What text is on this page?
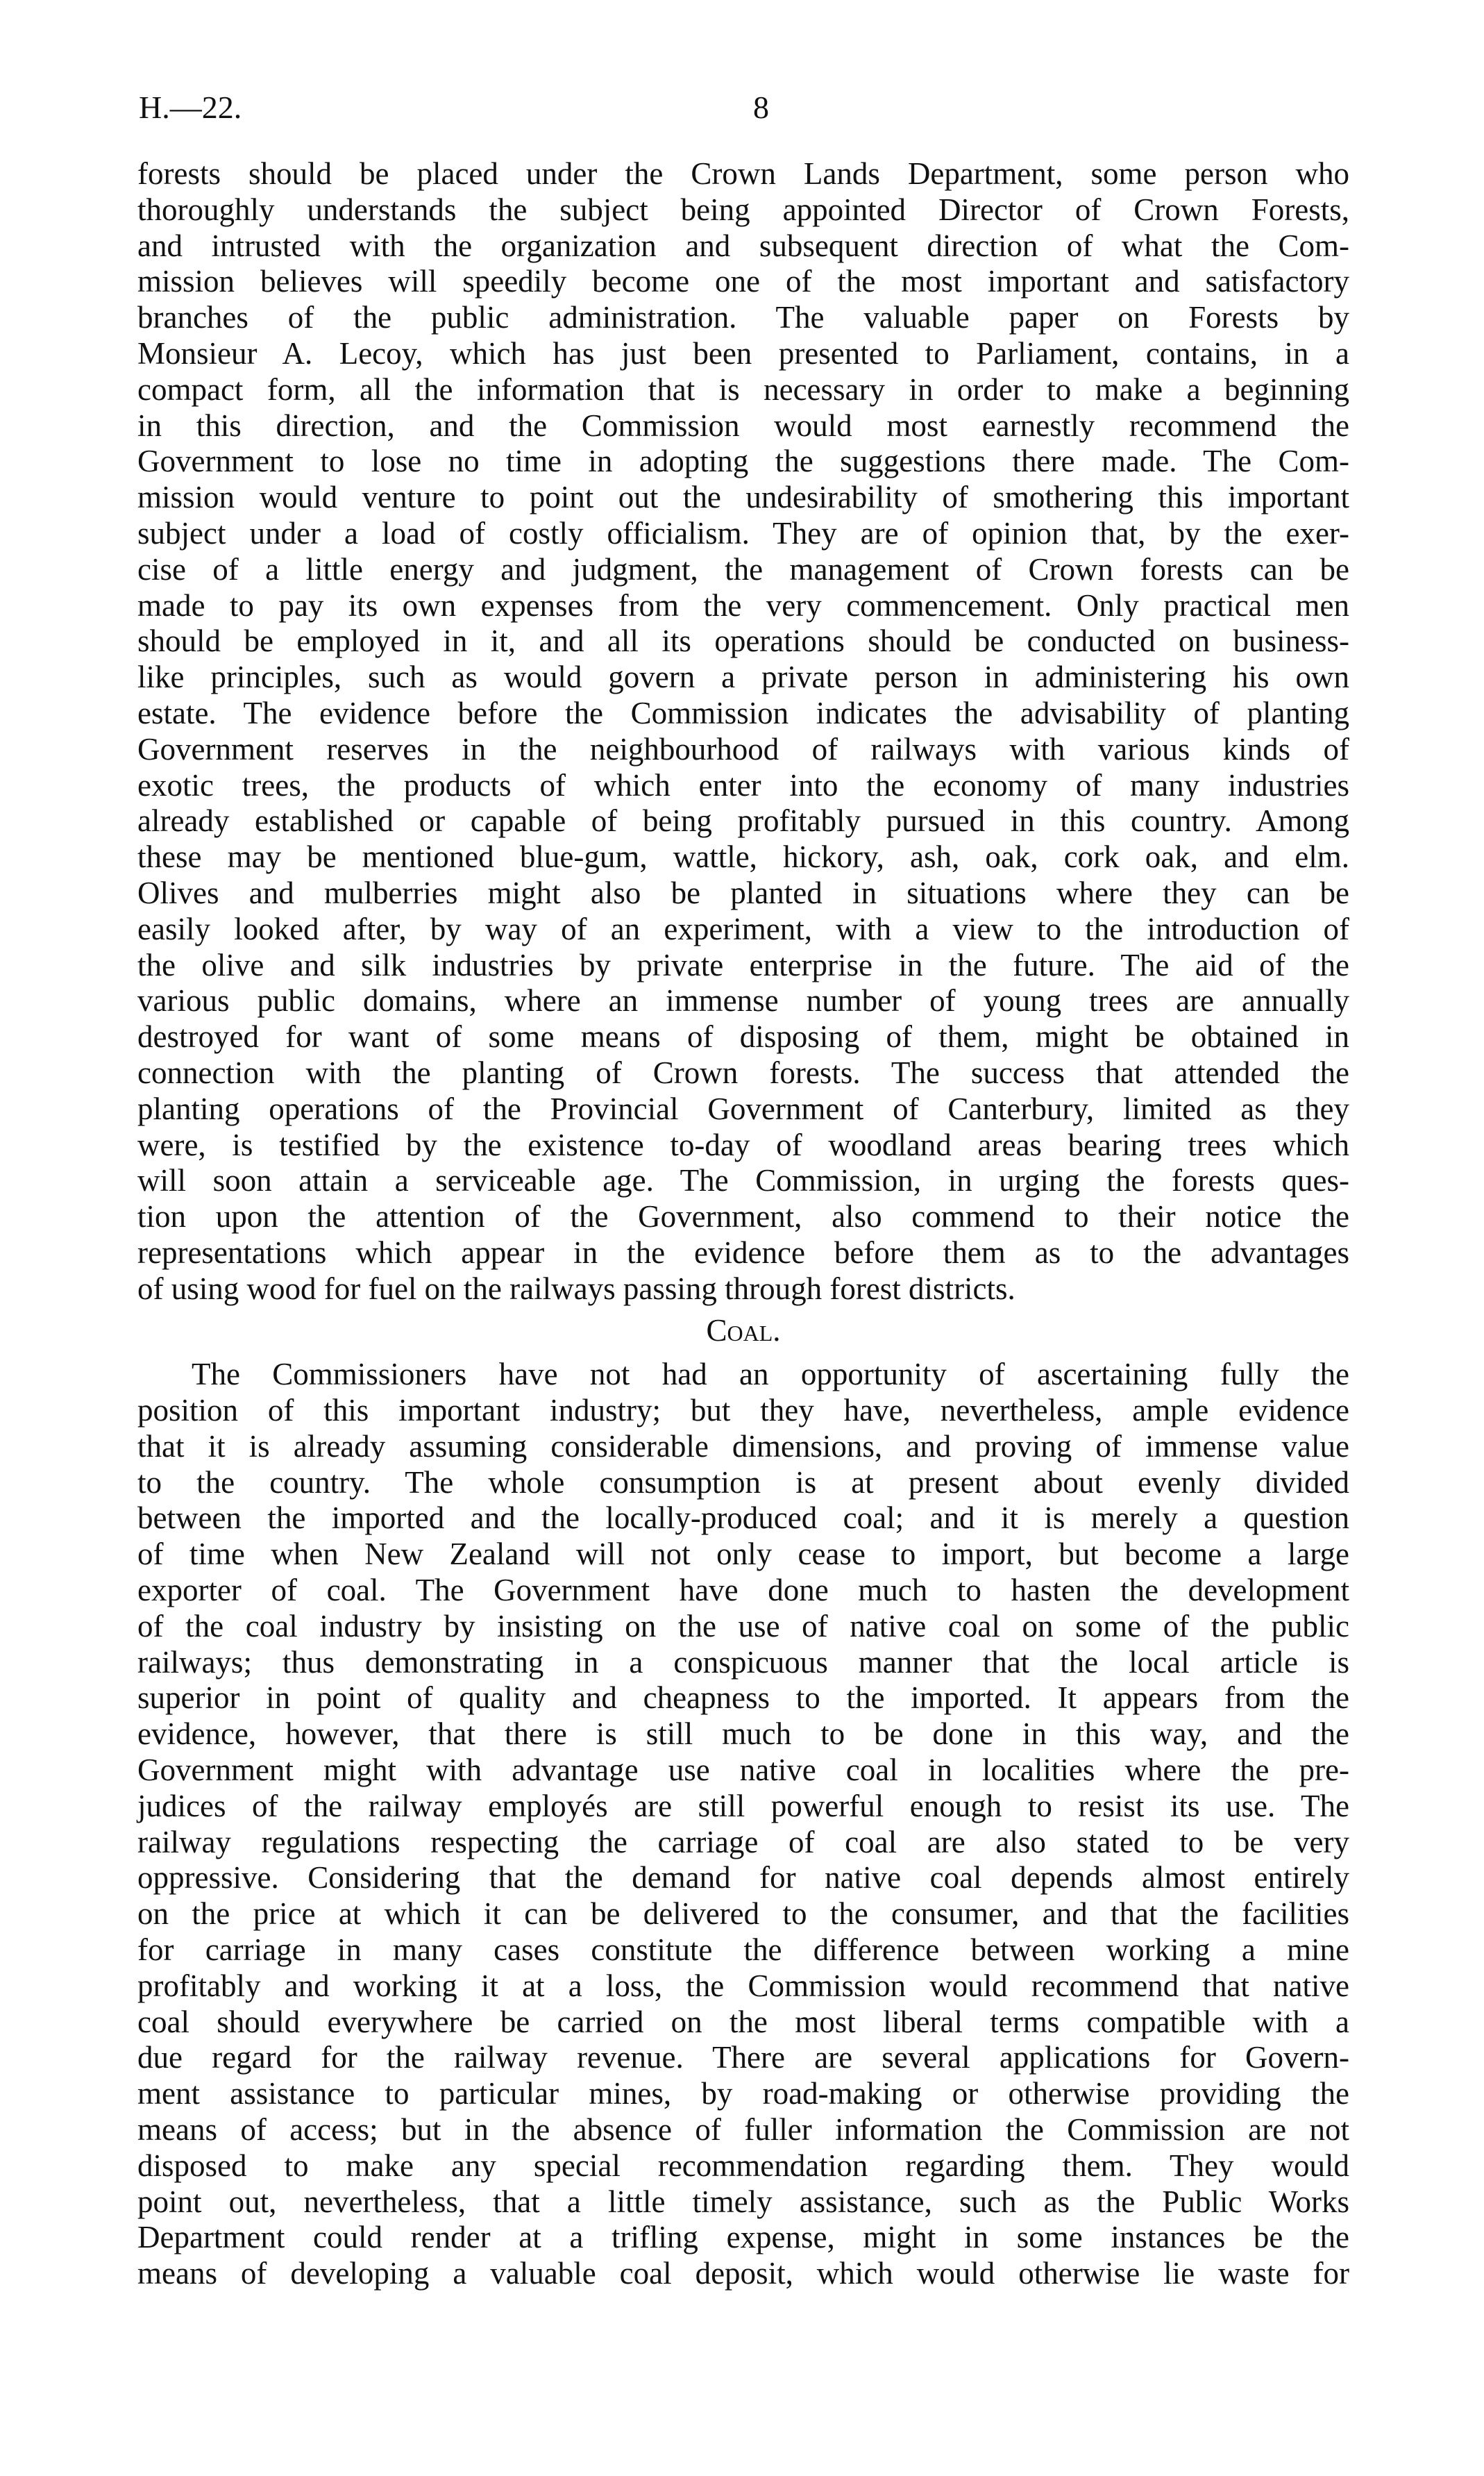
H.—22.	8
forests should be placed under the Crown Lands Department, some person who
thoroughly understands the subject being appointed Director of Crown Forests,
and intrusted with the organization and subsequent direction of what the Com-
mission believes will speedily become one of the most important and satisfactory
branches of the public administration. The valuable paper on Forests by
Monsieur A. Lecoy, which has just been presented to Parliament, contains, in a
compact form, all the information that is necessary in order to make a beginning
in this direction, and the Commission would most earnestly recommend the
Government to lose no time in adopting the suggestions there made. The Com-
mission would venture to point out the undesirability of smothering this important
subject under a load of costly officialism. They are of opinion that, by the exer-
cise of a little energy and judgment, the management of Crown forests can be
made to pay its own expenses from the very commencement. Only practical men
should be employed in it, and all its operations should be conducted on business-
like principles, such as would govern a private person in administering his own
estate. The evidence before the Commission indicates the advisability of planting
Government reserves in the neighbourhood of railways with various kinds of
exotic trees, the products of which enter into the economy of many industries
already established or capable of being profitably pursued in this country. Among
these may be mentioned blue-gum, wattle, hickory, ash, oak, cork oak, and elm.
Olives and mulberries might also be planted in situations where they can be
easily looked after, by way of an experiment, with a view to the introduction of
the olive and silk industries by private enterprise in the future. The aid of the
various public domains, where an immense number of young trees are annually
destroyed for want of some means of disposing of them, might be obtained in
connection with the planting of Crown forests. The success that attended the
planting operations of the Provincial Government of Canterbury, limited as they
were, is testified by the existence to-day of woodland areas bearing trees which
will soon attain a serviceable age. The Commission, in urging the forests ques-
tion upon the attention of the Government, also commend to their notice the
representations which appear in the evidence before them as to the advantages
of using wood for fuel on the railways passing through forest districts.
Coal.
The Commissioners have not had an opportunity of ascertaining fully the
position of this important industry; but they have, nevertheless, ample evidence
that it is already assuming considerable dimensions, and proving of immense value
to the country. The whole consumption is at present about evenly divided
between the imported and the locally-produced coal; and it is merely a question
of time when New Zealand will not only cease to import, but become a large
exporter of coal. The Government have done much to hasten the development
of the coal industry by insisting on the use of native coal on some of the public
railways; thus demonstrating in a conspicuous manner that the local article is
superior in point of quality and cheapness to the imported. It appears from the
evidence, however, that there is still much to be done in this way, and the
Government might with advantage use native coal in localities where the pre-
judices of the railway employés are still powerful enough to resist its use. The
railway regulations respecting the carriage of coal are also stated to be very
oppressive. Considering that the demand for native coal depends almost entirely
on the price at which it can be delivered to the consumer, and that the facilities
for carriage in many cases constitute the difference between working a mine
profitably and working it at a loss, the Commission would recommend that native
coal should everywhere be carried on the most liberal terms compatible with a
due regard for the railway revenue. There are several applications for Govern-
ment assistance to particular mines, by road-making or otherwise providing the
means of access; but in the absence of fuller information the Commission are not
disposed to make any special recommendation regarding them. They would
point out, nevertheless, that a little timely assistance, such as the Public Works
Department could render at a trifling expense, might in some instances be the
means of developing a valuable coal deposit, which would otherwise lie waste for
